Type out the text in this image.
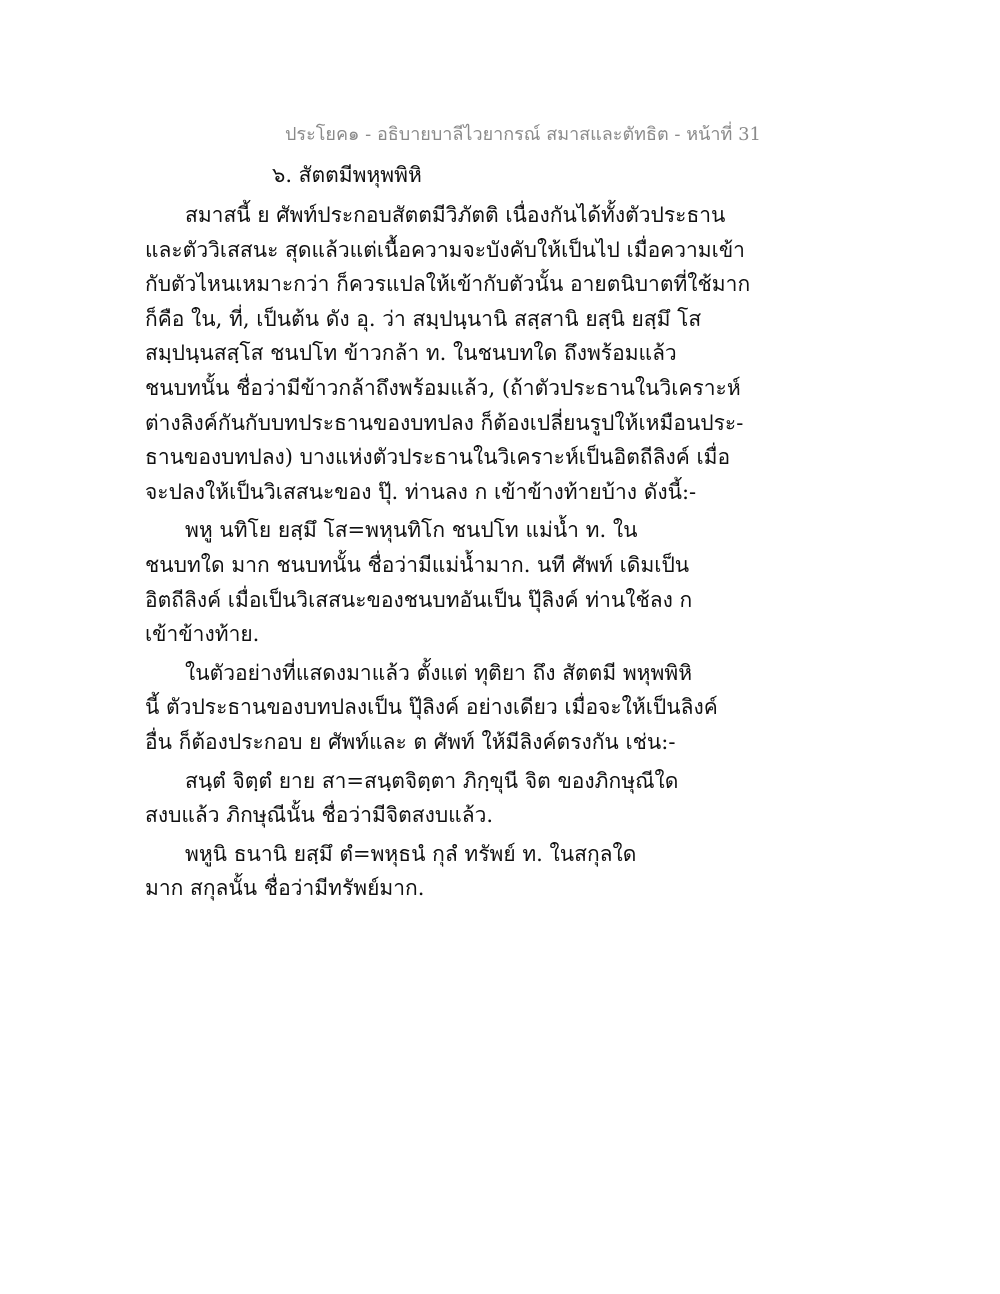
ประโยค๑ - อธิบายบาลีไวยากรณ์ สมาสและตัทธิต - หน้าที่ 31
๖. สัตตมีพหุพพิหิ
สมาสนี้ ย ศัพท์ประกอบสัตตมีวิภัตติ เนื่องกันได้ทั้งตัวประธาน
และตัววิเสสนะ สุดแล้วแต่เนื้อความจะบังคับให้เป็นไป เมื่อความเข้า
กับตัวไหนเหมาะกว่า ก็ควรแปลให้เข้ากับตัวนั้น อายตนิบาตที่ใช้มาก
ก็คือ ใน, ที่, เป็นต้น ดัง อุ. ว่า สมฺปนฺนานิ สสฺสานิ ยสฺนิ ยสฺมึ โส
สมฺปนฺนสสฺโส ชนปโท ข้าวกล้า ท. ในชนบทใด ถึงพร้อมแล้ว
ชนบทนั้น ชื่อว่ามีข้าวกล้าถึงพร้อมแล้ว, (ถ้าตัวประธานในวิเคราะห์
ต่างลิงค์กันกับบทประธานของบทปลง ก็ต้องเปลี่ยนรูปให้เหมือนประ-
ธานของบทปลง) บางแห่งตัวประธานในวิเคราะห์เป็นอิตถีลิงค์ เมื่อ
จะปลงให้เป็นวิเสสนะของ ปุ๊. ท่านลง ก เข้าข้างท้ายบ้าง ดังนี้:-
พหู นทิโย ยสฺมึ โส=พหุนทิโก ชนปโท แม่น้ำ ท. ใน
ชนบทใด มาก ชนบทนั้น ชื่อว่ามีแม่น้ำมาก. นที ศัพท์ เดิมเป็น
อิตถีลิงค์ เมื่อเป็นวิเสสนะของชนบทอันเป็น ปุ๊ลิงค์ ท่านใช้ลง ก
เข้าข้างท้าย.
ในตัวอย่างที่แสดงมาแล้ว ตั้งแต่ ทุติยา ถึง สัตตมี พหุพพิหิ
นี้ ตัวประธานของบทปลงเป็น ปุ๊ลิงค์ อย่างเดียว เมื่อจะให้เป็นลิงค์
อื่น ก็ต้องประกอบ ย ศัพท์และ ต ศัพท์ ให้มีลิงค์ตรงกัน เช่น:-
สนฺตํ จิตฺตํ ยาย สา=สนฺตจิตฺตา ภิกฺขุนี จิต ของภิกษุณีใด
สงบแล้ว ภิกษุณีนั้น ชื่อว่ามีจิตสงบแล้ว.
พหูนิ ธนานิ ยสฺมึ ตํ=พหุธนํ กุลํ ทรัพย์ ท. ในสกุลใด
มาก สกุลนั้น ชื่อว่ามีทรัพย์มาก.
